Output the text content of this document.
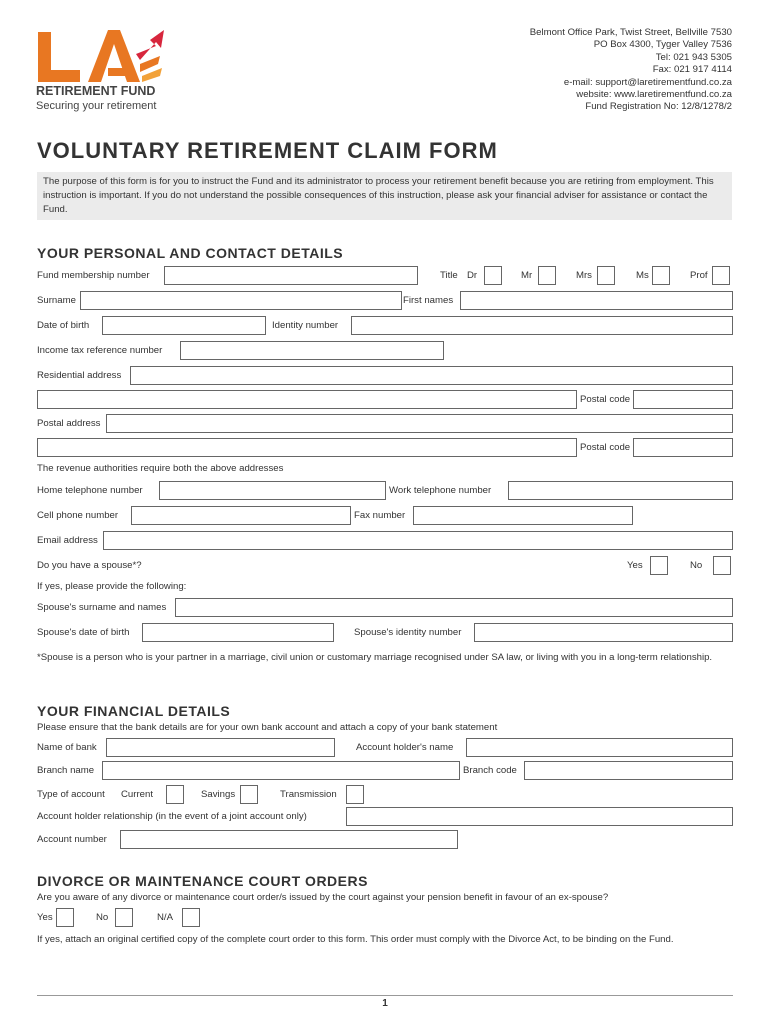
RETIREMENT FUND
Securing your retirement
Belmont Office Park, Twist Street, Bellville 7530
PO Box 4300, Tyger Valley 7536
Tel: 021 943 5305
Fax: 021 917 4114
e-mail: support@laretirementfund.co.za
website: www.laretirementfund.co.za
Fund Registration No: 12/8/1278/2
VOLUNTARY RETIREMENT CLAIM FORM
The purpose of this form is for you to instruct the Fund and its administrator to process your retirement benefit because you are retiring from employment. This instruction is important. If you do not understand the possible consequences of this instruction, please ask your financial adviser for assistance or contact the Fund.
YOUR PERSONAL AND CONTACT DETAILS
Fund membership number	Title Dr	Mr	Mrs	Ms	Prof
Surname	First names
Date of birth	Identity number
Income tax reference number
Residential address
Postal code
Postal address
Postal code
The revenue authorities require both the above addresses
Home telephone number	Work telephone number
Cell phone number	Fax number
Email address
Do you have a spouse*?	Yes	No
If yes, please provide the following:
Spouse's surname and names
Spouse's date of birth	Spouse's identity number
*Spouse is a person who is your partner in a marriage, civil union or customary marriage recognised under SA law, or living with you in a long-term relationship.
YOUR FINANCIAL DETAILS
Please ensure that the bank details are for your own bank account and attach a copy of your bank statement
Name of bank	Account holder's name
Branch name	Branch code
Type of account Current	Savings	Transmission
Account holder relationship (in the event of a joint account only)
Account number
DIVORCE OR MAINTENANCE COURT ORDERS
Are you aware of any divorce or maintenance court order/s issued by the court against your pension benefit in favour of an ex-spouse?
Yes	No	N/A
If yes, attach an original certified copy of the complete court order to this form. This order must comply with the Divorce Act, to be binding on the Fund.
1
